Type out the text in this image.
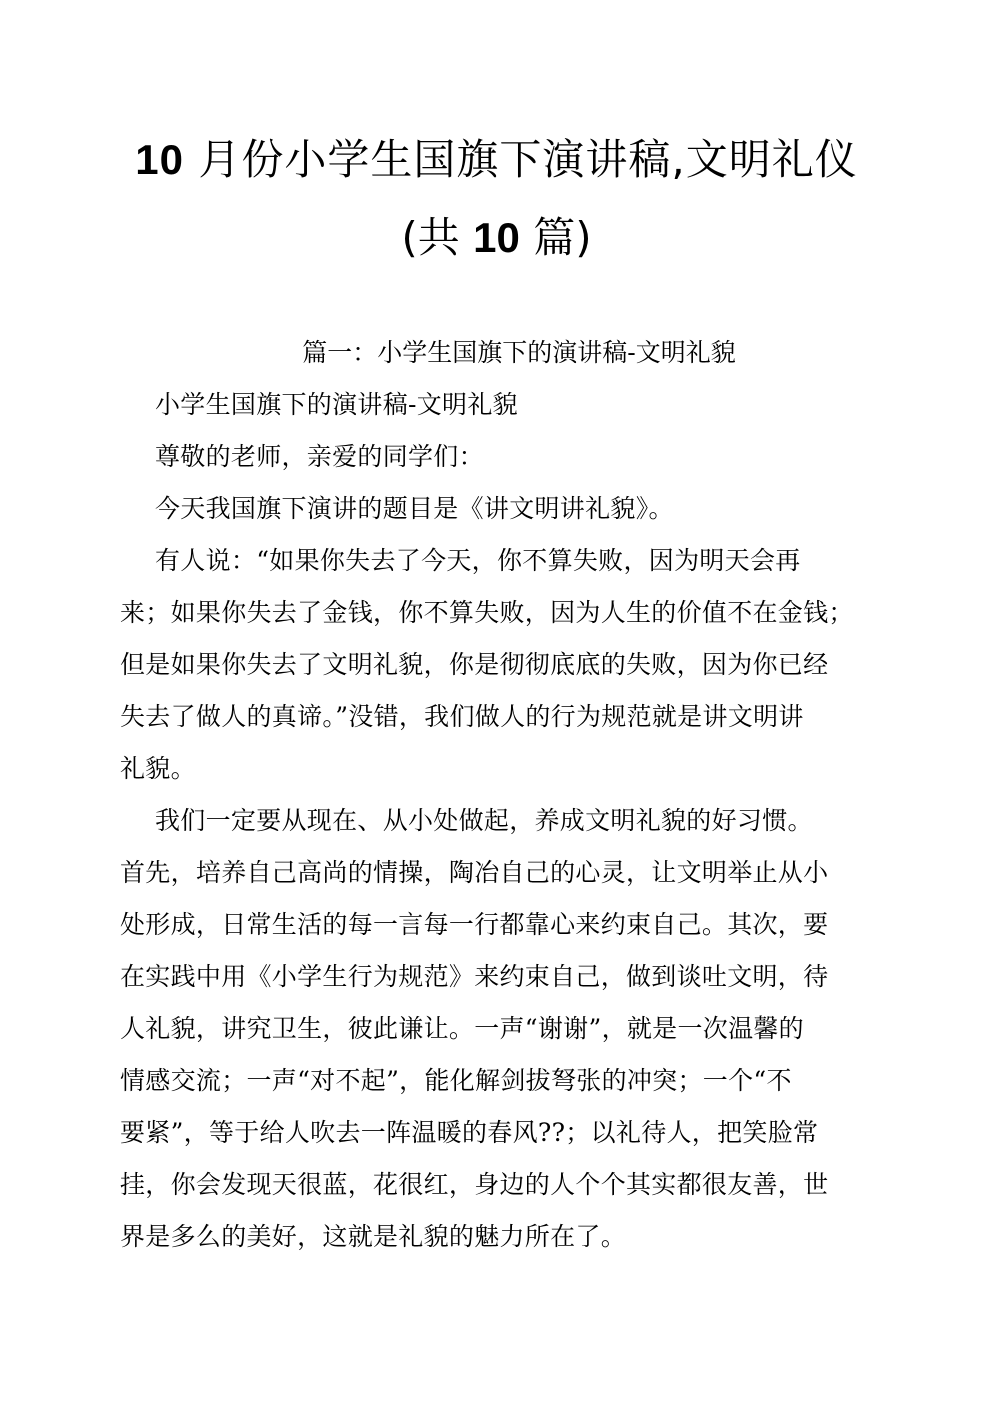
10 月份小学生国旗下演讲稿,文明礼仪
(共 10 篇)
篇一：小学生国旗下的演讲稿-文明礼貌
小学生国旗下的演讲稿-文明礼貌
尊敬的老师，亲爱的同学们：
今天我国旗下演讲的题目是《讲文明讲礼貌》。
有人说：“如果你失去了今天，你不算失败，因为明天会再
来；如果你失去了金钱，你不算失败，因为人生的价值不在金钱；
但是如果你失去了文明礼貌，你是彻彻底底的失败，因为你已经
失去了做人的真谛。”没错，我们做人的行为规范就是讲文明讲
礼貌。
我们一定要从现在、从小处做起，养成文明礼貌的好习惯。
首先，培养自己高尚的情操，陶冶自己的心灵，让文明举止从小
处形成，日常生活的每一言每一行都靠心来约束自己。其次，要
在实践中用《小学生行为规范》来约束自己，做到谈吐文明，待
人礼貌，讲究卫生，彼此谦让。一声“谢谢”，就是一次温馨的
情感交流；一声“对不起”，能化解剑拔弩张的冲突；一个“不
要紧”，等于给人吹去一阵温暖的春风??；以礼待人，把笑脸常
挂，你会发现天很蓝，花很红，身边的人个个其实都很友善，世
界是多么的美好，这就是礼貌的魅力所在了。
